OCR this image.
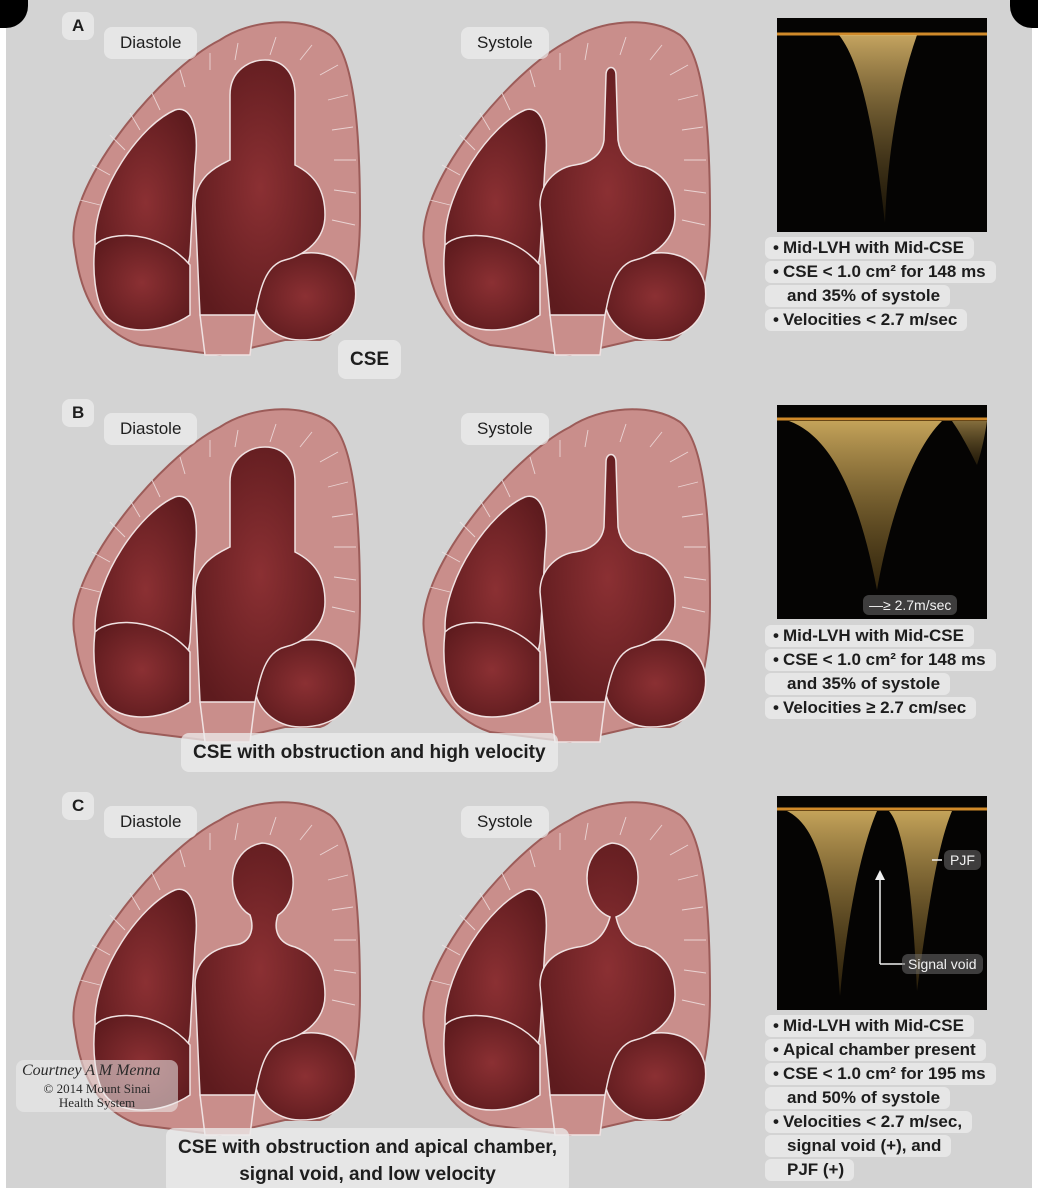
A
Diastole	Systole
CSE
• Mid-LVH with Mid-CSE
• CSE < 1.0 cm² for 148 ms
and 35% of systole
• Velocities < 2.7 m/sec
B
Diastole	Systole
CSE with obstruction and high velocity
—≥ 2.7m/sec
• Mid-LVH with Mid-CSE
• CSE < 1.0 cm² for 148 ms
and 35% of systole
• Velocities ≥ 2.7 cm/sec
C
Diastole	Systole
CSE with obstruction and apical chamber,
signal void, and low velocity
PJF
Signal void
• Mid-LVH with Mid-CSE
• Apical chamber present
• CSE < 1.0 cm² for 195 ms
and 50% of systole
• Velocities < 2.7 m/sec,
signal void (+), and
PJF (+)
Courtney A M Menna
© 2014 Mount Sinai
Health System
